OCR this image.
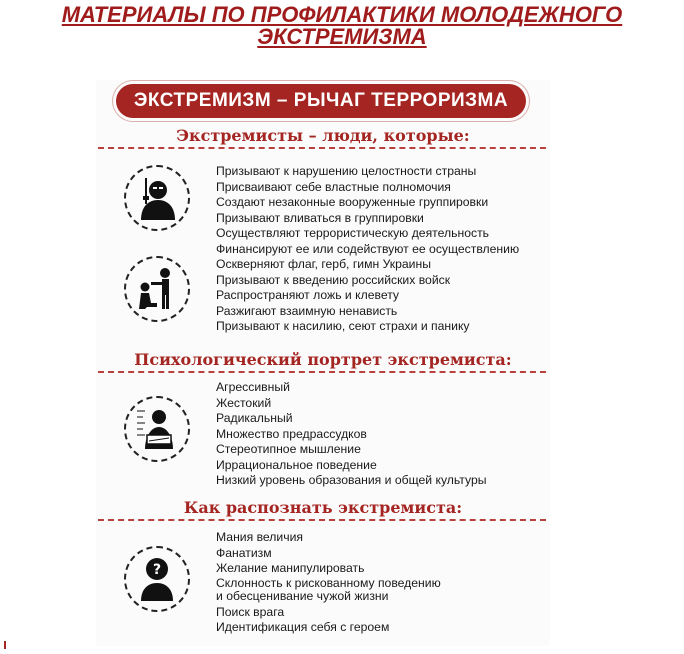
МАТЕРИАЛЫ ПО ПРОФИЛАКТИКИ МОЛОДЕЖНОГО
ЭКСТРЕМИЗМА
ЭКСТРЕМИЗМ – РЫЧАГ ТЕРРОРИЗМА
Экстремисты – люди, которые:
Призывают к нарушению целостности страны
Присваивают себе властные полномочия
Создают незаконные вооруженные группировки
Призывают вливаться в группировки
Осуществляют террористическую деятельность
Финансируют ее или содействуют ее осуществлению
Оскверняют флаг, герб, гимн Украины
Призывают к введению российских войск
Распространяют ложь и клевету
Разжигают взаимную ненависть
Призывают к насилию, сеют страхи и панику
Психологический портрет экстремиста:
Агрессивный
Жестокий
Радикальный
Множество предрассудков
Стереотипное мышление
Иррациональное поведение
Низкий уровень образования и общей культуры
Как распознать экстремиста:
?
Мания величия
Фанатизм
Желание манипулировать
Склонность к рискованному поведению
и обесценивание чужой жизни
Поиск врага
Идентификация себя с героем
